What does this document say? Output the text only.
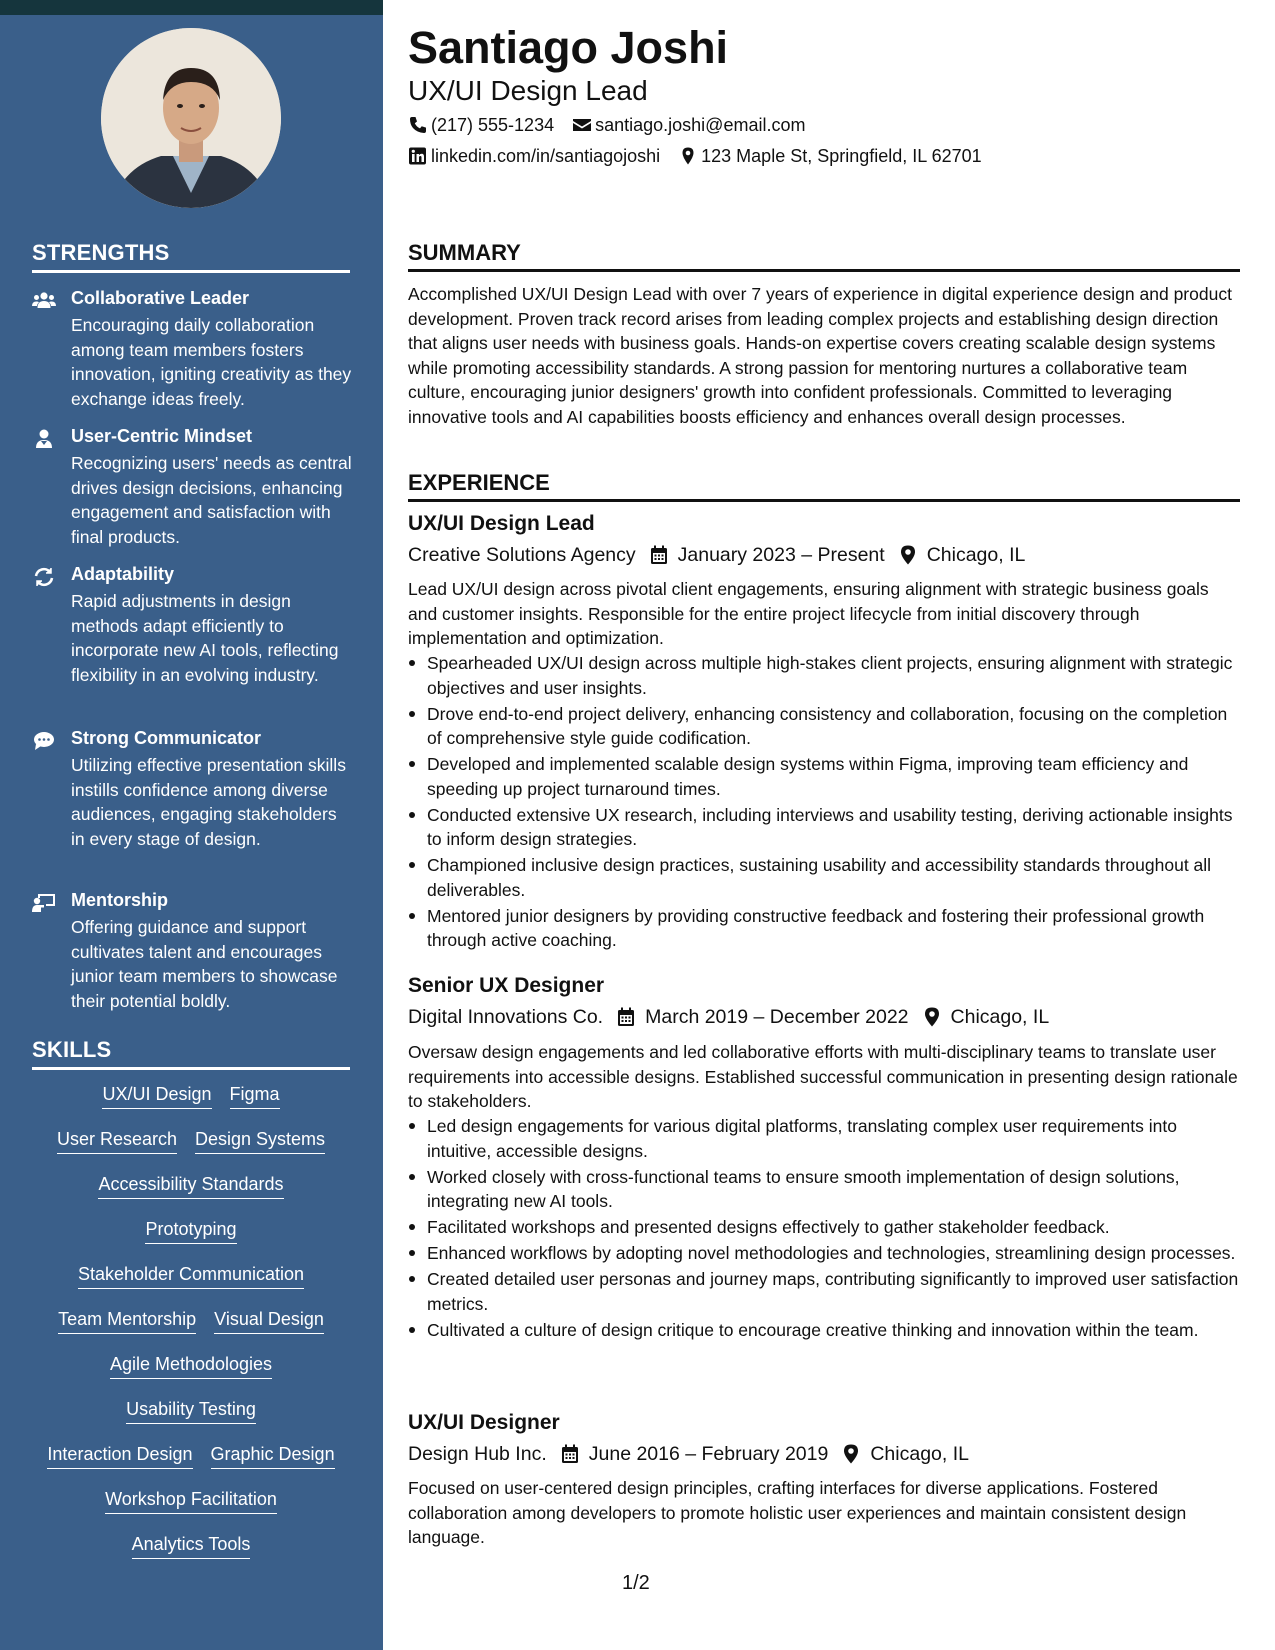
STRENGTHS
Collaborative Leader
Encouraging daily collaboration among team members fosters innovation, igniting creativity as they exchange ideas freely.
User-Centric Mindset
Recognizing users' needs as central drives design decisions, enhancing engagement and satisfaction with final products.
Adaptability
Rapid adjustments in design methods adapt efficiently to incorporate new AI tools, reflecting flexibility in an evolving industry.
Strong Communicator
Utilizing effective presentation skills instills confidence among diverse audiences, engaging stakeholders in every stage of design.
Mentorship
Offering guidance and support cultivates talent and encourages junior team members to showcase their potential boldly.
SKILLS
UX/UI Design Figma
User Research Design Systems
Accessibility Standards
Prototyping
Stakeholder Communication
Team Mentorship Visual Design
Agile Methodologies
Usability Testing
Interaction Design Graphic Design
Workshop Facilitation
Analytics Tools
Santiago Joshi
UX/UI Design Lead
(217) 555-1234 santiago.joshi@email.com
linkedin.com/in/santiagojoshi 123 Maple St, Springfield, IL 62701
SUMMARY
Accomplished UX/UI Design Lead with over 7 years of experience in digital experience design and product development. Proven track record arises from leading complex projects and establishing design direction that aligns user needs with business goals. Hands-on expertise covers creating scalable design systems while promoting accessibility standards. A strong passion for mentoring nurtures a collaborative team culture, encouraging junior designers' growth into confident professionals. Committed to leveraging innovative tools and AI capabilities boosts efficiency and enhances overall design processes.
EXPERIENCE
UX/UI Design Lead
Creative Solutions Agency January 2023 – Present Chicago, IL
Lead UX/UI design across pivotal client engagements, ensuring alignment with strategic business goals and customer insights. Responsible for the entire project lifecycle from initial discovery through implementation and optimization.
Spearheaded UX/UI design across multiple high-stakes client projects, ensuring alignment with strategic objectives and user insights.
Drove end-to-end project delivery, enhancing consistency and collaboration, focusing on the completion of comprehensive style guide codification.
Developed and implemented scalable design systems within Figma, improving team efficiency and speeding up project turnaround times.
Conducted extensive UX research, including interviews and usability testing, deriving actionable insights to inform design strategies.
Championed inclusive design practices, sustaining usability and accessibility standards throughout all deliverables.
Mentored junior designers by providing constructive feedback and fostering their professional growth through active coaching.
Senior UX Designer
Digital Innovations Co. March 2019 – December 2022 Chicago, IL
Oversaw design engagements and led collaborative efforts with multi-disciplinary teams to translate user requirements into accessible designs. Established successful communication in presenting design rationale to stakeholders.
Led design engagements for various digital platforms, translating complex user requirements into intuitive, accessible designs.
Worked closely with cross-functional teams to ensure smooth implementation of design solutions, integrating new AI tools.
Facilitated workshops and presented designs effectively to gather stakeholder feedback.
Enhanced workflows by adopting novel methodologies and technologies, streamlining design processes.
Created detailed user personas and journey maps, contributing significantly to improved user satisfaction metrics.
Cultivated a culture of design critique to encourage creative thinking and innovation within the team.
UX/UI Designer
Design Hub Inc. June 2016 – February 2019 Chicago, IL
Focused on user-centered design principles, crafting interfaces for diverse applications. Fostered collaboration among developers to promote holistic user experiences and maintain consistent design language.
1/2
